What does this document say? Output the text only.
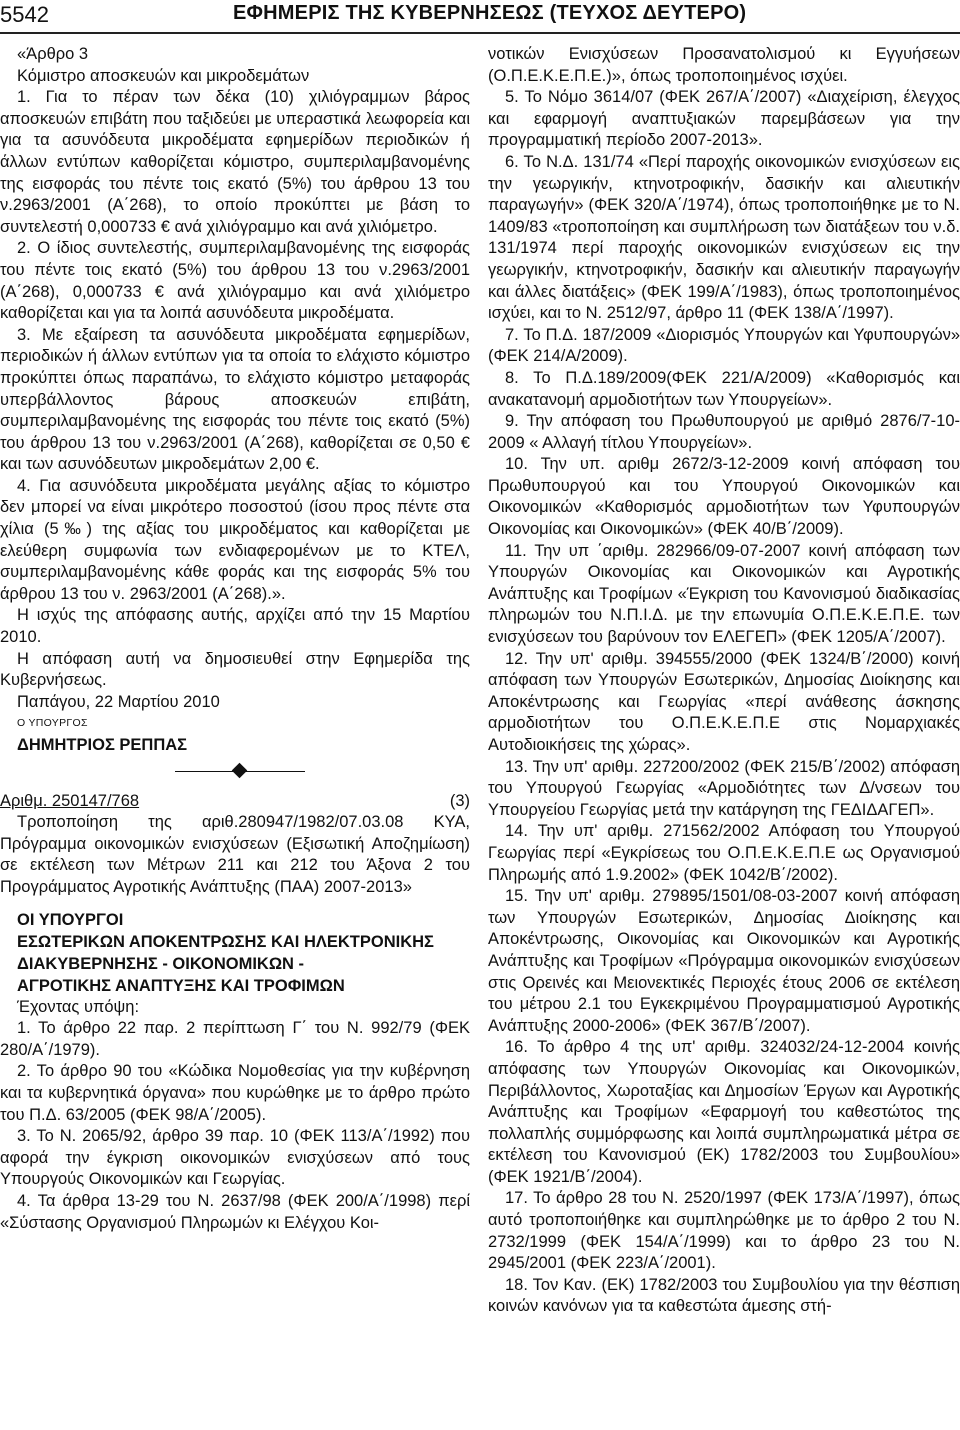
5542	ΕΦΗΜΕΡΙΣ ΤΗΣ ΚΥΒΕΡΝΗΣΕΩΣ (ΤΕΥΧΟΣ ΔΕΥΤΕΡΟ)

«Άρθρο 3

Κόμιστρο αποσκευών και μικροδεμάτων

1. Για το πέραν των δέκα (10) χιλιόγραμμων βάρος αποσκευών επιβάτη που ταξιδεύει με υπεραστικά λεωφορεία και για τα ασυνόδευτα μικροδέματα εφημερίδων περιοδικών ή άλλων εντύπων καθορίζεται κόμιστρο, συμπεριλαμβανομένης της εισφοράς του πέντε τοις εκατό (5%) του άρθρου 13 του ν.2963/2001 (Α΄268), το οποίο προκύπτει με βάση το συντελεστή 0,000733 € ανά χιλιόγραμμο και ανά χιλιόμετρο.

2. Ο ίδιος συντελεστής, συμπεριλαμβανομένης της εισφοράς του πέντε τοις εκατό (5%) του άρθρου 13 του ν.2963/2001 (Α΄268), 0,000733 € ανά χιλιόγραμμο και ανά χιλιόμετρο καθορίζεται και για τα λοιπά ασυνόδευτα μικροδέματα.

3. Με εξαίρεση τα ασυνόδευτα μικροδέματα εφημερίδων, περιοδικών ή άλλων εντύπων για τα οποία το ελάχιστο κόμιστρο προκύπτει όπως παραπάνω, το ελάχιστο κόμιστρο μεταφοράς υπερβάλλοντος βάρους αποσκευών επιβάτη, συμπεριλαμβανομένης της εισφοράς του πέντε τοις εκατό (5%) του άρθρου 13 του ν.2963/2001 (Α΄268), καθορίζεται σε 0,50 € και των ασυνόδευτων μικροδεμάτων 2,00 €.

4. Για ασυνόδευτα μικροδέματα μεγάλης αξίας το κόμιστρο δεν μπορεί να είναι μικρότερο ποσοστού (ίσου προς πέντε στα χίλια (5‰) της αξίας του μικροδέματος και καθορίζεται με ελεύθερη συμφωνία των ενδιαφερομένων με το ΚΤΕΛ, συμπεριλαμβανομένης κάθε φοράς και της εισφοράς 5% του άρθρου 13 του ν. 2963/2001 (Α΄268).».

Η ισχύς της απόφασης αυτής, αρχίζει από την 15 Μαρτίου 2010.

Η απόφαση αυτή να δημοσιευθεί στην Εφημερίδα της Κυβερνήσεως.

Παπάγου, 22 Μαρτίου 2010

Ο ΥΠΟΥΡΓΟΣ

ΔΗΜΗΤΡΙΟΣ ΡΕΠΠΑΣ

Αριθμ. 250147/768	(3)

Τροποποίηση της αριθ.280947/1982/07.03.08 ΚΥΑ, Πρόγραμμα οικονομικών ενισχύσεων (Εξισωτική Αποζημίωση) σε εκτέλεση των Μέτρων 211 και 212 του Άξονα 2 του Προγράμματος Αγροτικής Ανάπτυξης (ΠΑΑ) 2007-2013»

ΟΙ ΥΠΟΥΡΓΟΙ

ΕΣΩΤΕΡΙΚΩΝ ΑΠΟΚΕΝΤΡΩΣΗΣ ΚΑΙ ΗΛΕΚΤΡΟΝΙΚΗΣ

ΔΙΑΚΥΒΕΡΝΗΣΗΣ - ΟΙΚΟΝΟΜΙΚΩΝ -

ΑΓΡΟΤΙΚΗΣ ΑΝΑΠΤΥΞΗΣ ΚΑΙ ΤΡΟΦΙΜΩΝ

Έχοντας υπόψη:

1. Το άρθρο 22 παρ. 2 περίπτωση Γ΄ του Ν. 992/79 (ΦΕΚ 280/Α΄/1979).

2. Το άρθρο 90 του «Κώδικα Νομοθεσίας για την κυβέρνηση και τα κυβερνητικά όργανα» που κυρώθηκε με το άρθρο πρώτο του Π.Δ. 63/2005 (ΦΕΚ 98/Α΄/2005).

3. Το Ν. 2065/92, άρθρο 39 παρ. 10 (ΦΕΚ 113/Α΄/1992) που αφορά την έγκριση οικονομικών ενισχύσεων από τους Υπουργούς Οικονομικών και Γεωργίας.

4. Τα άρθρα 13-29 του Ν. 2637/98 (ΦΕΚ 200/Α΄/1998) περί «Σύστασης Οργανισμού Πληρωμών κι Ελέγχου Κοι-

νοτικών Ενισχύσεων Προσανατολισμού κι Εγγυήσεων (Ο.Π.Ε.Κ.Ε.Π.Ε.)», όπως τροποποιημένος ισχύει.

5. Το Νόμο 3614/07 (ΦΕΚ 267/Α΄/2007) «Διαχείριση, έλεγχος και εφαρμογή αναπτυξιακών παρεμβάσεων για την προγραμματική περίοδο 2007-2013».

6. Το Ν.Δ. 131/74 «Περί παροχής οικονομικών ενισχύσεων εις την γεωργικήν, κτηνοτροφικήν, δασικήν και αλιευτικήν παραγωγήν» (ΦΕΚ 320/Α΄/1974), όπως τροποποιήθηκε με το Ν. 1409/83 «τροποποίηση και συμπλήρωση των διατάξεων του ν.δ. 131/1974 περί παροχής οικονομικών ενισχύσεων εις την γεωργικήν, κτηνοτροφικήν, δασικήν και αλιευτικήν παραγωγήν και άλλες διατάξεις» (ΦΕΚ 199/Α΄/1983), όπως τροποποιημένος ισχύει, και το Ν. 2512/97, άρθρο 11 (ΦΕΚ 138/Α΄/1997).

7. Το Π.Δ. 187/2009 «Διορισμός Υπουργών και Υφυπουργών» (ΦΕΚ 214/Α/2009).

8. Το Π.Δ.189/2009(ΦΕΚ 221/Α/2009) «Καθορισμός και ανακατανομή αρμοδιοτήτων των Υπουργείων».

9. Την απόφαση του Πρωθυπουργού με αριθμό 2876/7-10-2009 « Αλλαγή τίτλου Υπουργείων».

10. Την υπ. αριθμ 2672/3-12-2009 κοινή απόφαση του Πρωθυπουργού και του Υπουργού Οικονομικών και Οικονομικών «Καθορισμός αρμοδιοτήτων των Υφυπουργών Οικονομίας και Οικονομικών» (ΦΕΚ 40/Β΄/2009).

11. Την υπ ΄αριθμ. 282966/09-07-2007 κοινή απόφαση των Υπουργών Οικονομίας και Οικονομικών και Αγροτικής Ανάπτυξης και Τροφίμων «Έγκριση του Κανονισμού διαδικασίας πληρωμών του Ν.Π.Ι.Δ. με την επωνυμία Ο.Π.Ε.Κ.Ε.Π.Ε. των ενισχύσεων του βαρύνουν τον ΕΛΕΓΕΠ» (ΦΕΚ 1205/Α΄/2007).

12. Την υπ' αριθμ. 394555/2000 (ΦΕΚ 1324/Β΄/2000) κοινή απόφαση των Υπουργών Εσωτερικών, Δημοσίας Διοίκησης και Αποκέντρωσης και Γεωργίας «περί ανάθεσης άσκησης αρμοδιοτήτων του Ο.Π.Ε.Κ.Ε.Π.Ε στις Νομαρχιακές Αυτοδιοικήσεις της χώρας».

13. Την υπ' αριθμ. 227200/2002 (ΦΕΚ 215/Β΄/2002) απόφαση του Υπουργού Γεωργίας «Αρμοδιότητες των Δ/νσεων του Υπουργείου Γεωργίας μετά την κατάργηση της ΓΕΔΙΔΑΓΕΠ».

14. Την υπ' αριθμ. 271562/2002 Απόφαση του Υπουργού Γεωργίας περί «Εγκρίσεως του Ο.Π.Ε.Κ.Ε.Π.Ε ως Οργανισμού Πληρωμής από 1.9.2002» (ΦΕΚ 1042/Β΄/2002).

15. Την υπ' αριθμ. 279895/1501/08-03-2007 κοινή απόφαση των Υπουργών Εσωτερικών, Δημοσίας Διοίκησης και Αποκέντρωσης, Οικονομίας και Οικονομικών και Αγροτικής Ανάπτυξης και Τροφίμων «Πρόγραμμα οικονομικών ενισχύσεων στις Ορεινές και Μειονεκτικές Περιοχές έτους 2006 σε εκτέλεση του μέτρου 2.1 του Εγκεκριμένου Προγραμματισμού Αγροτικής Ανάπτυξης 2000-2006» (ΦΕΚ 367/Β΄/2007).

16. Το άρθρο 4 της υπ' αριθμ. 324032/24-12-2004 κοινής απόφασης των Υπουργών Οικονομίας και Οικονομικών, Περιβάλλοντος, Χωροταξίας και Δημοσίων Έργων και Αγροτικής Ανάπτυξης και Τροφίμων «Εφαρμογή του καθεστώτος της πολλαπλής συμμόρφωσης και λοιπά συμπληρωματικά μέτρα σε εκτέλεση του Κανονισμού (ΕΚ) 1782/2003 του Συμβουλίου» (ΦΕΚ 1921/Β΄/2004).

17. Το άρθρο 28 του Ν. 2520/1997 (ΦΕΚ 173/Α΄/1997), όπως αυτό τροποποιήθηκε και συμπληρώθηκε με το άρθρο 2 του Ν. 2732/1999 (ΦΕΚ 154/Α΄/1999) και το άρθρο 23 του Ν. 2945/2001 (ΦΕΚ 223/Α΄/2001).

18. Τον Καν. (ΕΚ) 1782/2003 του Συμβουλίου για την θέσπιση κοινών κανόνων για τα καθεστώτα άμεσης στή-
